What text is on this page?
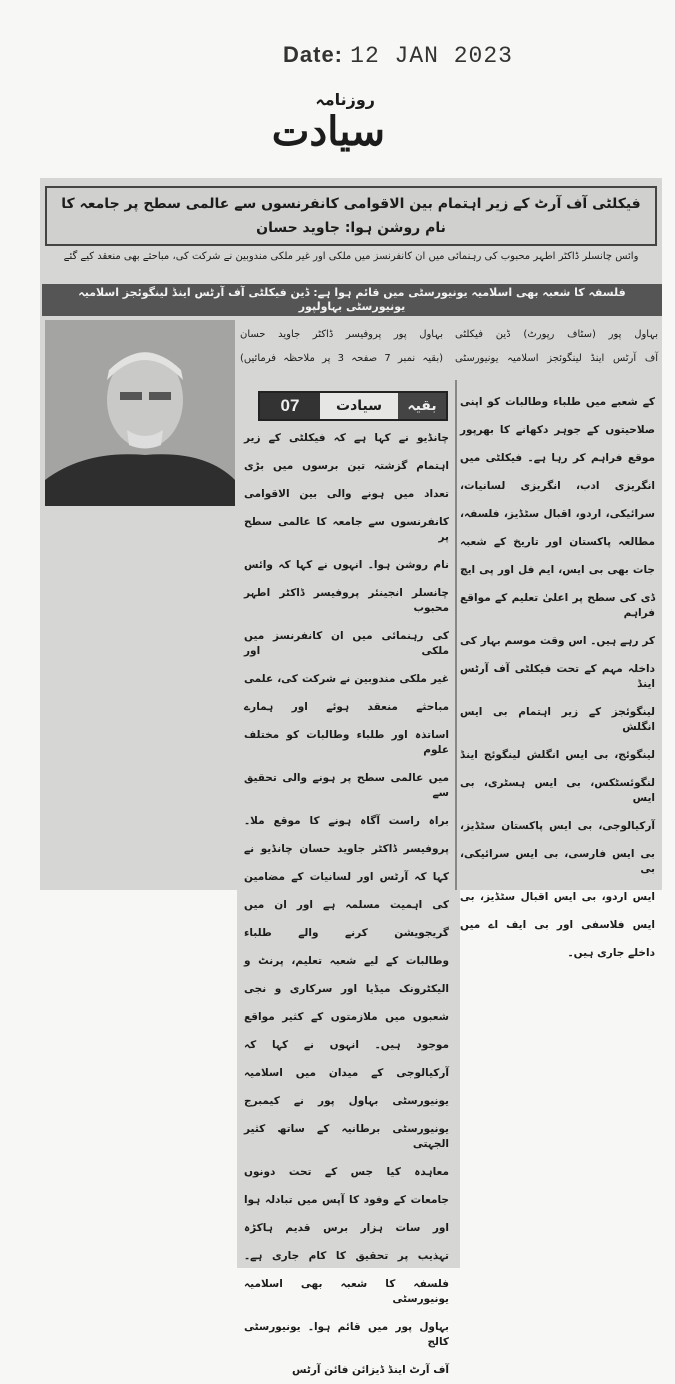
Date: 12 JAN 2023
روزنامہ
سیادت
فیکلٹی آف آرٹ کے زیر اہتمام بین الاقوامی کانفرنسوں سے عالمی سطح پر جامعہ کا نام روشن ہوا: جاوید حسان
وائس چانسلر ڈاکٹر اطہر محبوب کی رہنمائی میں ان کانفرنسز میں ملکی اور غیر ملکی مندوبین نے شرکت کی، مباحثے بھی منعقد کیے گئے
فلسفہ کا شعبہ بھی اسلامیہ یونیورسٹی میں قائم ہوا ہے: ڈین فیکلٹی آف آرٹس اینڈ لینگوئجز اسلامیہ یونیورسٹی بہاولپور
بہاول پور (سٹاف رپورٹ) ڈین فیکلٹی
آف آرٹس اینڈ لینگوئجز اسلامیہ یونیورسٹی
بہاول پور پروفیسر ڈاکٹر جاوید حسان
(بقیہ نمبر 7 صفحہ 3 پر ملاحظہ فرمائیں)
07	سیادت	بقیہ	کے شعبے میں طلباء وطالبات کو اپنی
صلاحیتوں کے جوہر دکھانے کا بھرپور
موقع فراہم کر رہا ہے۔ فیکلٹی میں
انگریزی ادب، انگریزی لسانیات،
سرائیکی، اردو، اقبال سٹڈیز، فلسفہ،
مطالعہ پاکستان اور تاریخ کے شعبہ
جات بھی بی ایس، ایم فل اور پی ایچ
ڈی کی سطح پر اعلیٰ تعلیم کے مواقع فراہم
کر رہے ہیں۔ اس وقت موسم بہار کی
داخلہ مہم کے تحت فیکلٹی آف آرٹس اینڈ
لینگوئجز کے زیر اہتمام بی ایس انگلش
لینگوئج، بی ایس انگلش لینگوئج اینڈ
لنگوئسٹکس، بی ایس ہسٹری، بی ایس
آرکیالوجی، بی ایس پاکستان سٹڈیز،
بی ایس فارسی، بی ایس سرائیکی، بی
ایس اردو، بی ایس اقبال سٹڈیز، بی
ایس فلاسفی اور بی ایف اے میں
داخلے جاری ہیں۔
چانڈیو نے کہا ہے کہ فیکلٹی کے زیر
اہتمام گزشتہ تین برسوں میں بڑی
تعداد میں ہونے والی بین الاقوامی
کانفرنسوں سے جامعہ کا عالمی سطح پر
نام روشن ہوا۔ انہوں نے کہا کہ وائس
چانسلر انجینئر پروفیسر ڈاکٹر اطہر محبوب
کی رہنمائی میں ان کانفرنسز میں ملکی اور
غیر ملکی مندوبین نے شرکت کی، علمی
مباحثے منعقد ہوئے اور ہمارے
اساتذہ اور طلباء وطالبات کو مختلف علوم
میں عالمی سطح پر ہونے والی تحقیق سے
براہ راست آگاہ ہونے کا موقع ملا۔
پروفیسر ڈاکٹر جاوید حسان چانڈیو نے
کہا کہ آرٹس اور لسانیات کے مضامین
کی اہمیت مسلمہ ہے اور ان میں
گریجویشن کرنے والے طلباء
وطالبات کے لیے شعبہ تعلیم، پرنٹ و
الیکٹرونک میڈیا اور سرکاری و نجی
شعبوں میں ملازمتوں کے کثیر مواقع
موجود ہیں۔ انہوں نے کہا کہ
آرکیالوجی کے میدان میں اسلامیہ
یونیورسٹی بہاول پور نے کیمبرج
یونیورسٹی برطانیہ کے ساتھ کثیر الجہتی
معاہدہ کیا جس کے تحت دونوں
جامعات کے وفود کا آپس میں تبادلہ ہوا
اور سات ہزار برس قدیم ہاکڑہ
تہذیب پر تحقیق کا کام جاری ہے۔
فلسفہ کا شعبہ بھی اسلامیہ یونیورسٹی
بہاول پور میں قائم ہوا۔ یونیورسٹی کالج
آف آرٹ اینڈ ڈیزائن فائن آرٹس
